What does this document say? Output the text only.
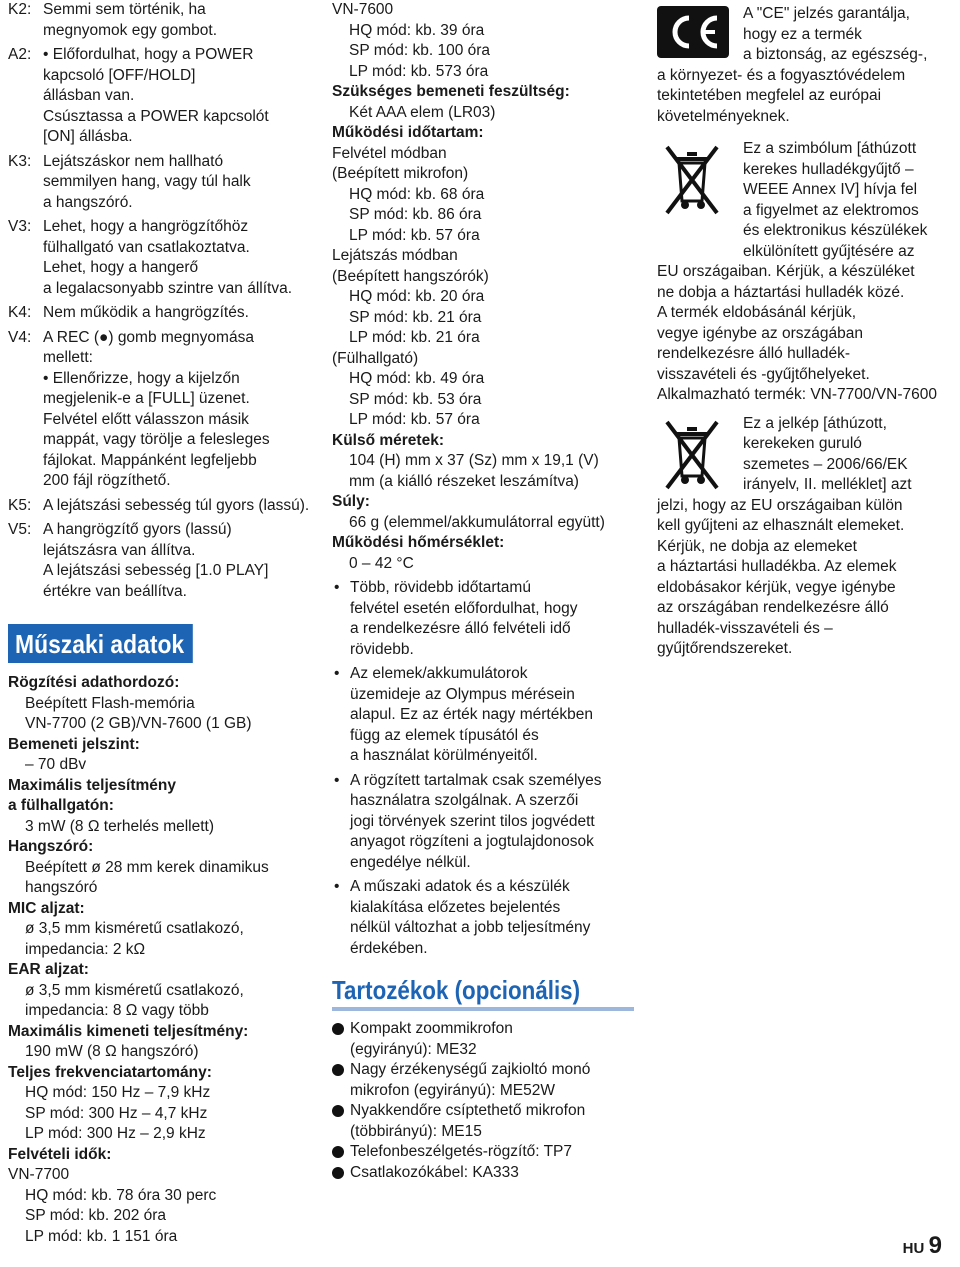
K2: Semmi sem történik, ha
megnyomok egy gombot.
A2: • Előfordulhat, hogy a POWER
kapcsoló [OFF/HOLD]
állásban van.
Csúsztassa a POWER kapcsolót
[ON] állásba.
K3: Lejátszáskor nem hallható
semmilyen hang, vagy túl halk
a hangszóró.
V3: Lehet, hogy a hangrögzítőhöz
fülhallgató van csatlakoztatva.
Lehet, hogy a hangerő
a legalacsonyabb szintre van állítva.
K4: Nem működik a hangrögzítés.
V4: A REC (●) gomb megnyomása
mellett:
• Ellenőrizze, hogy a kijelzőn
megjelenik-e a [FULL] üzenet.
Felvétel előtt válasszon másik
mappát, vagy törölje a felesleges
fájlokat. Mappánként legfeljebb
200 fájl rögzíthető.
K5: A lejátszási sebesség túl gyors (lassú).
V5: A hangrögzítő gyors (lassú)
lejátszásra van állítva.
A lejátszási sebesség [1.0 PLAY]
értékre van beállítva.
Műszaki adatok
Rögzítési adathordozó:
Beépített Flash-memória
VN-7700 (2 GB)/VN-7600 (1 GB)
Bemeneti jelszint:
– 70 dBv
Maximális teljesítmény
a fülhallgatón:
3 mW (8 Ω terhelés mellett)
Hangszóró:
Beépített ø 28 mm kerek dinamikus
hangszóró
MIC aljzat:
ø 3,5 mm kisméretű csatlakozó,
impedancia: 2 kΩ
EAR aljzat:
ø 3,5 mm kisméretű csatlakozó,
impedancia: 8 Ω vagy több
Maximális kimeneti teljesítmény:
190 mW (8 Ω hangszóró)
Teljes frekvenciatartomány:
HQ mód: 150 Hz – 7,9 kHz
SP mód: 300 Hz – 4,7 kHz
LP mód: 300 Hz – 2,9 kHz
Felvételi idők:
VN-7700
HQ mód: kb. 78 óra 30 perc
SP mód: kb. 202 óra
LP mód: kb. 1 151 óra
VN-7600
HQ mód: kb. 39 óra
SP mód: kb. 100 óra
LP mód: kb. 573 óra
Szükséges bemeneti feszültség:
Két AAA elem (LR03)
Működési időtartam:
Felvétel módban
(Beépített mikrofon)
HQ mód: kb. 68 óra
SP mód: kb. 86 óra
LP mód: kb. 57 óra
Lejátszás módban
(Beépített hangszórók)
HQ mód: kb. 20 óra
SP mód: kb. 21 óra
LP mód: kb. 21 óra
(Fülhallgató)
HQ mód: kb. 49 óra
SP mód: kb. 53 óra
LP mód: kb. 57 óra
Külső méretek:
104 (H) mm x 37 (Sz) mm x 19,1 (V)
mm (a kiálló részeket leszámítva)
Súly:
66 g (elemmel/akkumulátorral együtt)
Működési hőmérséklet:
0 – 42 °C
• Több, rövidebb időtartamú
felvétel esetén előfordulhat, hogy
a rendelkezésre álló felvételi idő
rövidebb.
• Az elemek/akkumulátorok
üzemideje az Olympus mérésein
alapul. Ez az érték nagy mértékben
függ az elemek típusától és
a használat körülményeitől.
• A rögzített tartalmak csak személyes
használatra szolgálnak. A szerzői
jogi törvények szerint tilos jogvédett
anyagot rögzíteni a jogtulajdonosok
engedélye nélkül.
• A műszaki adatok és a készülék
kialakítása előzetes bejelentés
nélkül változhat a jobb teljesítmény
érdekében.
Tartozékok (opcionális)
Kompakt zoommikrofon
(egyirányú): ME32
Nagy érzékenységű zajkioltó monó
mikrofon (egyirányú): ME52W
Nyakkendőre csíptethető mikrofon
(többirányú): ME15
Telefonbeszélgetés-rögzítő: TP7
Csatlakozókábel: KA333
A "CE" jelzés garantálja,
hogy ez a termék
a biztonság, az egészség-,
a környezet- és a fogyasztóvédelem
tekintetében megfelel az európai
követelményeknek.
Ez a szimbólum [áthúzott
kerekes hulladékgyűjtő –
WEEE Annex IV] hívja fel
a figyelmet az elektromos
és elektronikus készülékek
elkülönített gyűjtésére az
EU országaiban. Kérjük, a készüléket
ne dobja a háztartási hulladék közé.
A termék eldobásánál kérjük,
vegye igénybe az országában
rendelkezésre álló hulladék-
visszavételi és -gyűjtőhelyeket.
Alkalmazható termék: VN-7700/VN-7600
Ez a jelkép [áthúzott,
kerekeken guruló
szemetes – 2006/66/EK
irányelv, II. melléklet] azt
jelzi, hogy az EU országaiban külön
kell gyűjteni az elhasznált elemeket.
Kérjük, ne dobja az elemeket
a háztartási hulladékba. Az elemek
eldobásakor kérjük, vegye igénybe
az országában rendelkezésre álló
hulladék-visszavételi és –
gyűjtőrendszereket.
HU 9
